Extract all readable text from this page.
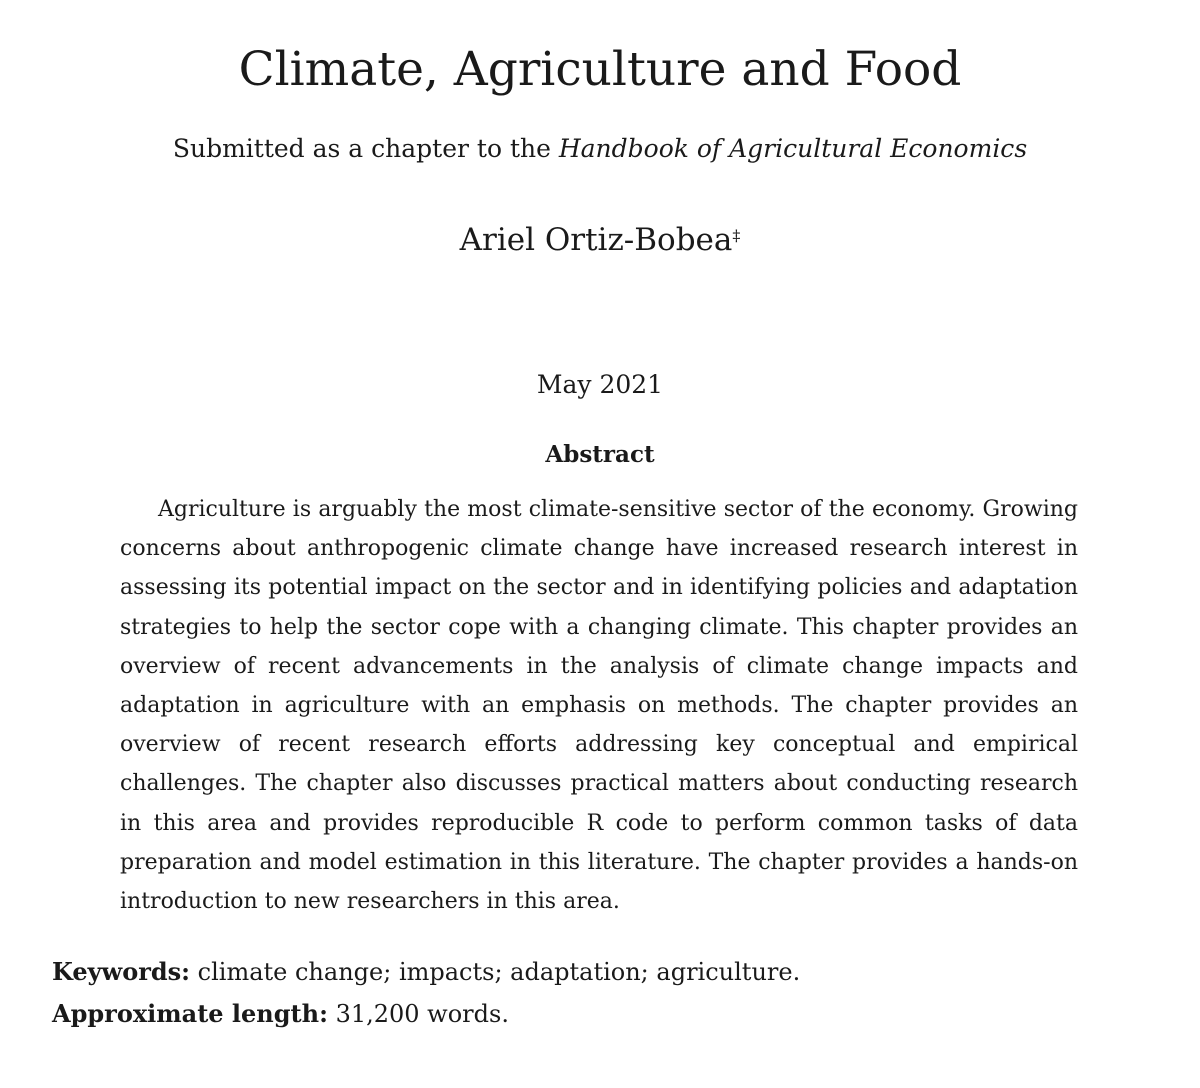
Climate, Agriculture and Food
Submitted as a chapter to the Handbook of Agricultural Economics
Ariel Ortiz-Bobea‡
May 2021
Abstract

Agriculture is arguably the most climate-sensitive sector of the economy. Growing concerns about anthropogenic climate change have increased research interest in assessing its potential impact on the sector and in identifying policies and adaptation strategies to help the sector cope with a changing climate. This chapter provides an overview of recent advancements in the analysis of climate change impacts and adaptation in agriculture with an emphasis on methods. The chapter provides an overview of recent research efforts addressing key conceptual and empirical challenges. The chapter also discusses practical matters about conducting research in this area and provides reproducible R code to perform common tasks of data preparation and model estimation in this literature. The chapter provides a hands-on introduction to new researchers in this area.

Keywords: climate change; impacts; adaptation; agriculture.
Approximate length: 31,200 words.
